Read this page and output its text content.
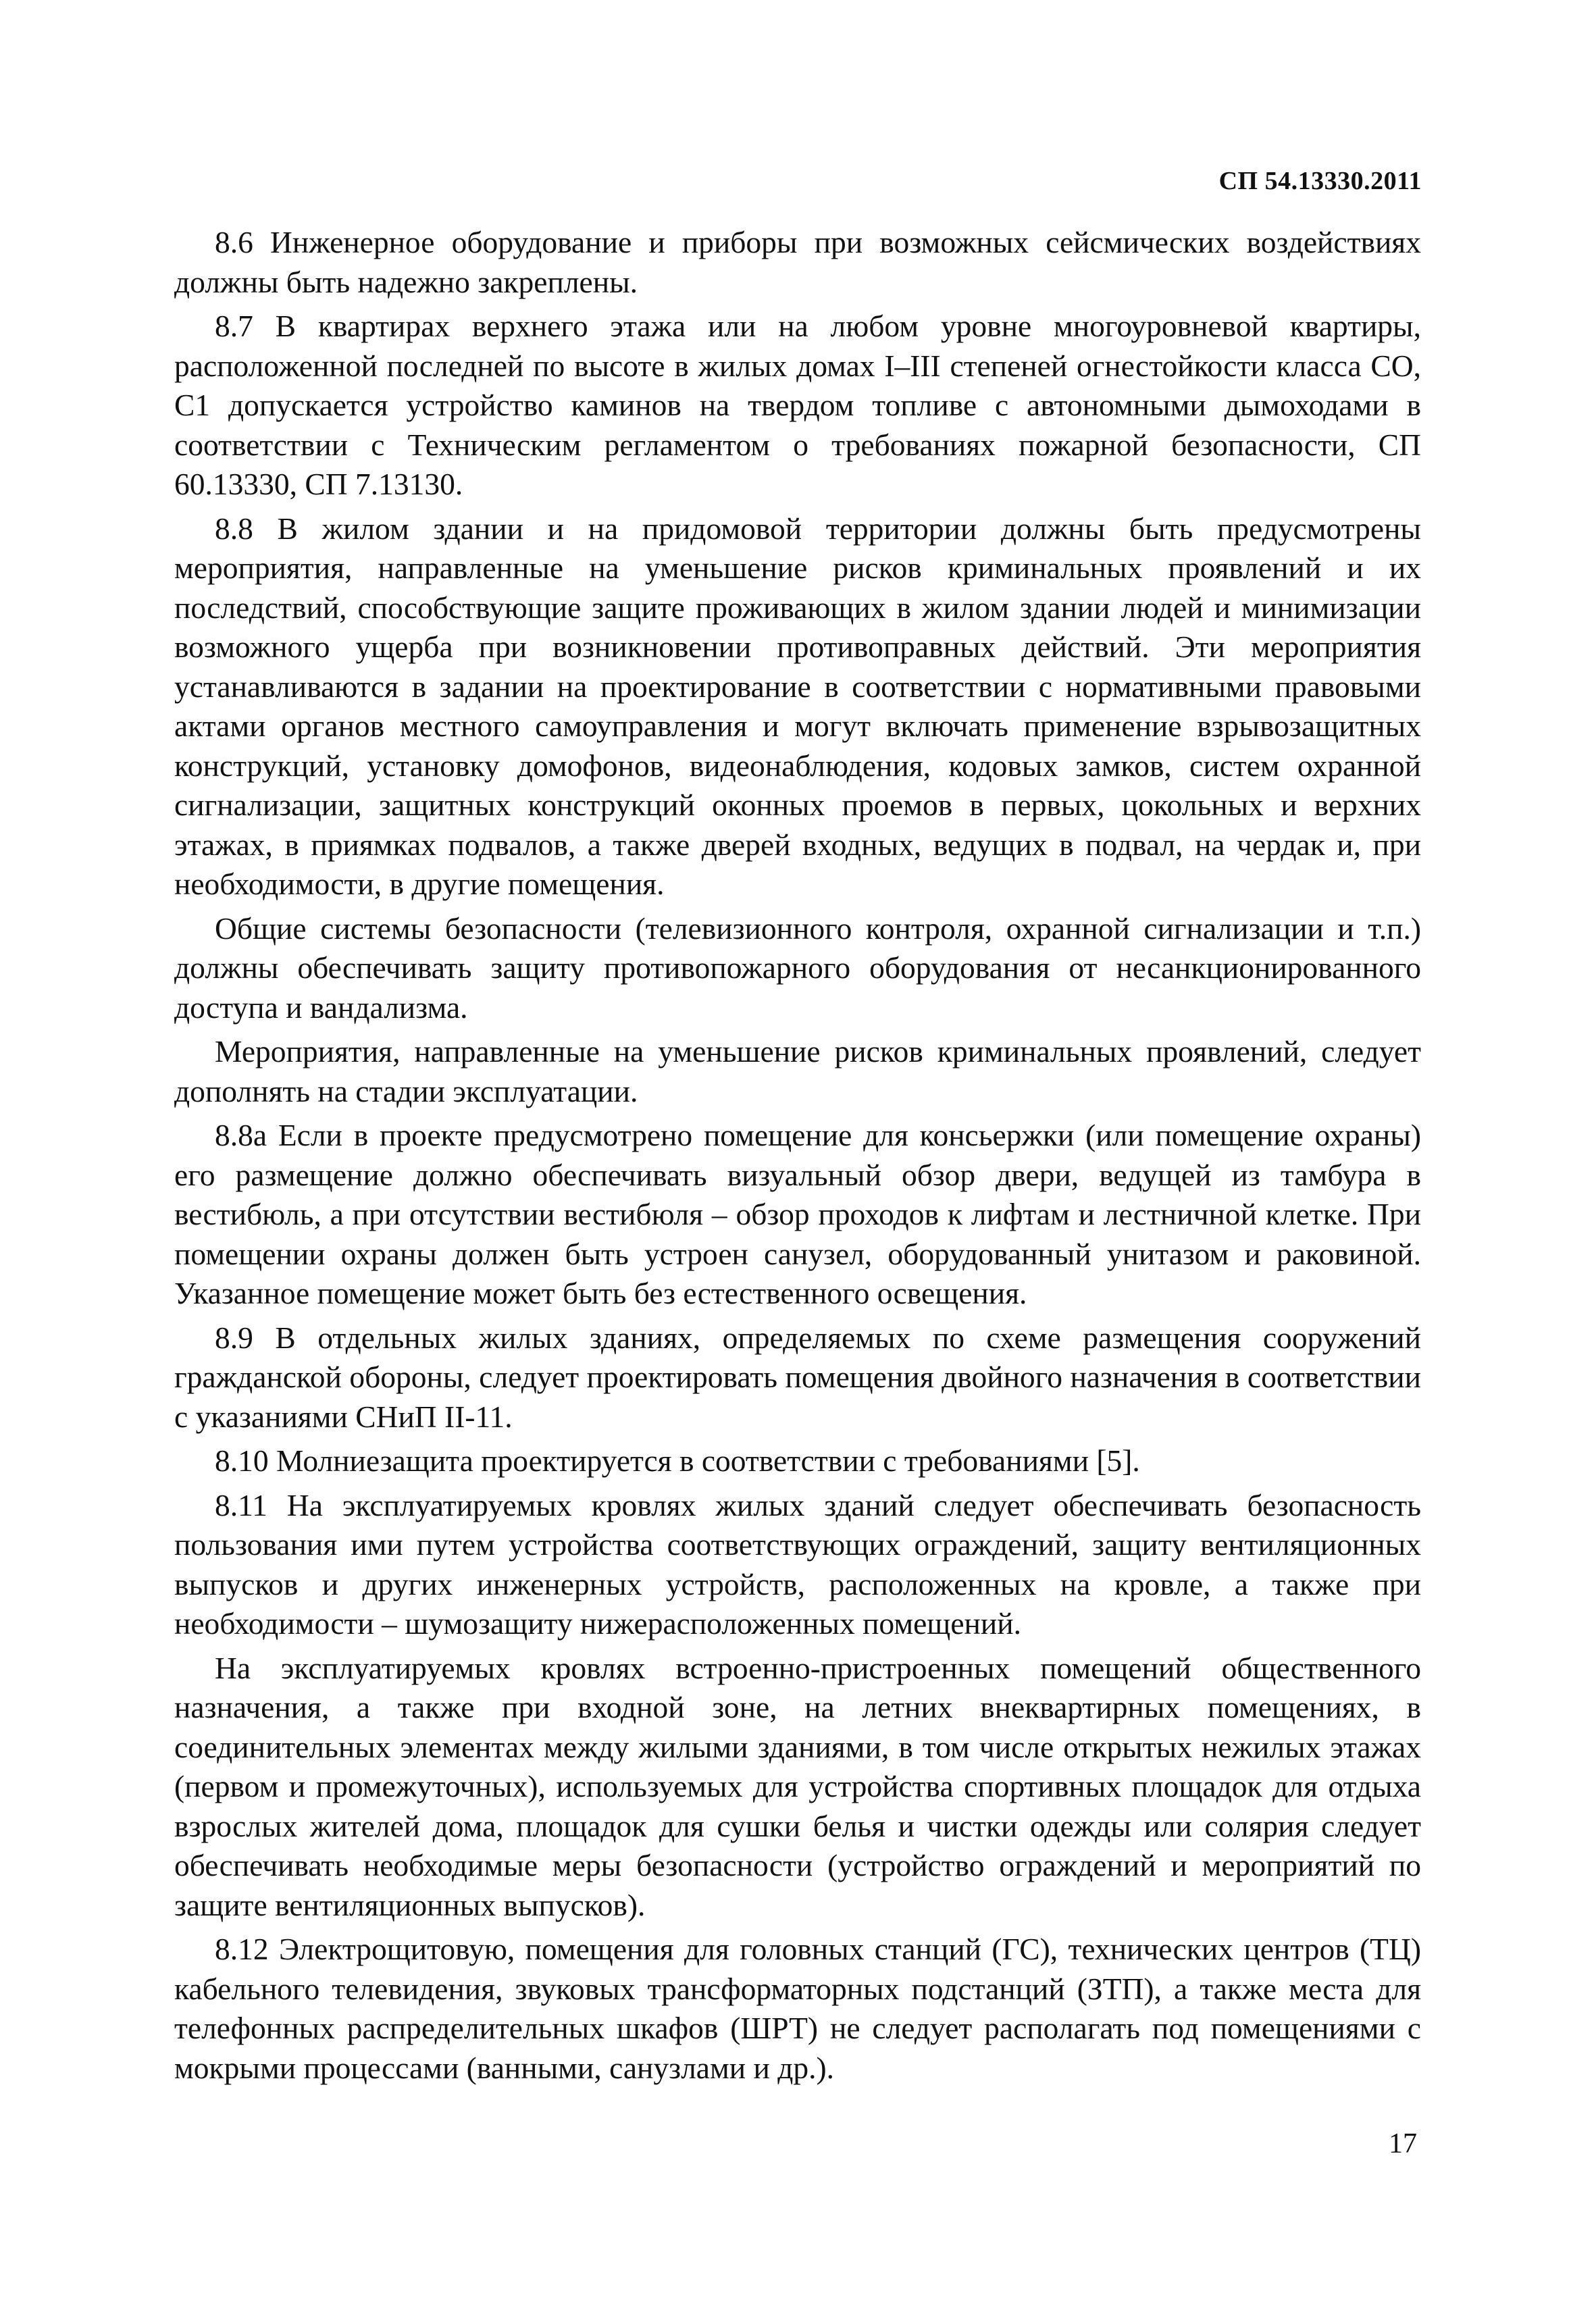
СП 54.13330.2011

8.6 Инженерное оборудование и приборы при возможных сейсмических воздействиях должны быть надежно закреплены.

8.7 В квартирах верхнего этажа или на любом уровне многоуровневой квартиры, расположенной последней по высоте в жилых домах I–III степеней огнестойкости класса СО, С1 допускается устройство каминов на твердом топливе с автономными дымоходами в соответствии с Техническим регламентом о требованиях пожарной безопасности, СП 60.13330, СП 7.13130.

8.8 В жилом здании и на придомовой территории должны быть предусмотрены мероприятия, направленные на уменьшение рисков криминальных проявлений и их последствий, способствующие защите проживающих в жилом здании людей и минимизации возможного ущерба при возникновении противоправных действий. Эти мероприятия устанавливаются в задании на проектирование в соответствии с нормативными правовыми актами органов местного самоуправления и могут включать применение взрывозащитных конструкций, установку домофонов, видеонаблюдения, кодовых замков, систем охранной сигнализации, защитных конструкций оконных проемов в первых, цокольных и верхних этажах, в приямках подвалов, а также дверей входных, ведущих в подвал, на чердак и, при необходимости, в другие помещения.

Общие системы безопасности (телевизионного контроля, охранной сигнализации и т.п.) должны обеспечивать защиту противопожарного оборудования от несанкционированного доступа и вандализма.

Мероприятия, направленные на уменьшение рисков криминальных проявлений, следует дополнять на стадии эксплуатации.

8.8а Если в проекте предусмотрено помещение для консьержки (или помещение охраны) его размещение должно обеспечивать визуальный обзор двери, ведущей из тамбура в вестибюль, а при отсутствии вестибюля – обзор проходов к лифтам и лестничной клетке. При помещении охраны должен быть устроен санузел, оборудованный унитазом и раковиной. Указанное помещение может быть без естественного освещения.

8.9 В отдельных жилых зданиях, определяемых по схеме размещения сооружений гражданской обороны, следует проектировать помещения двойного назначения в соответствии с указаниями СНиП II-11.

8.10 Молниезащита проектируется в соответствии с требованиями [5].

8.11 На эксплуатируемых кровлях жилых зданий следует обеспечивать безопасность пользования ими путем устройства соответствующих ограждений, защиту вентиляционных выпусков и других инженерных устройств, расположенных на кровле, а также при необходимости – шумозащиту нижерасположенных помещений.

На эксплуатируемых кровлях встроенно-пристроенных помещений общественного назначения, а также при входной зоне, на летних внеквартирных помещениях, в соединительных элементах между жилыми зданиями, в том числе открытых нежилых этажах (первом и промежуточных), используемых для устройства спортивных площадок для отдыха взрослых жителей дома, площадок для сушки белья и чистки одежды или солярия следует обеспечивать необходимые меры безопасности (устройство ограждений и мероприятий по защите вентиляционных выпусков).

8.12 Электрощитовую, помещения для головных станций (ГС), технических центров (ТЦ) кабельного телевидения, звуковых трансформаторных подстанций (ЗТП), а также места для телефонных распределительных шкафов (ШРТ) не следует располагать под помещениями с мокрыми процессами (ванными, санузлами и др.).

17
